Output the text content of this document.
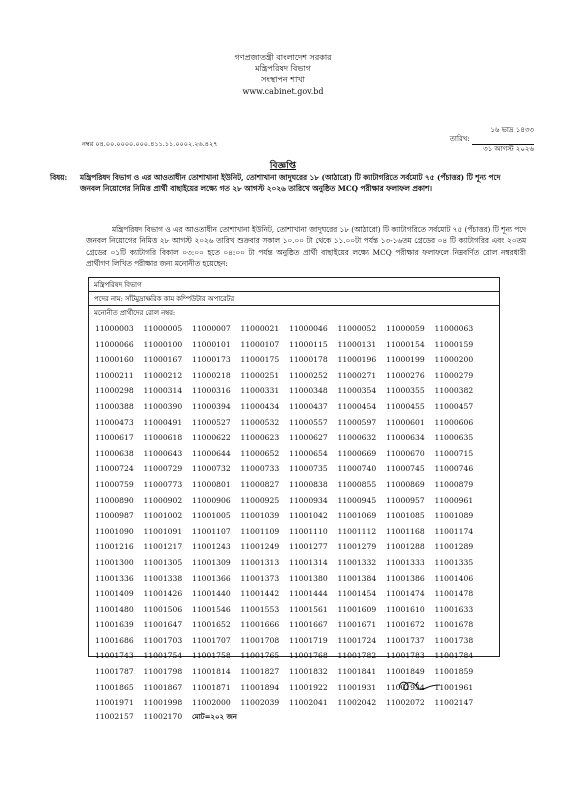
গণপ্রজাতন্ত্রী বাংলাদেশ সরকার
মন্ত্রিপরিষদ বিভাগ
সংস্থাপন শাখা
www.cabinet.gov.bd
১৬ ভাদ্র ১৪৩৩
তারিখ:
৩১ আগস্ট ২০২৬
নম্বর ০৪.০০.০০০০.০০০.৪১১.১১.০০০২.২৬.৪২৭
বিজ্ঞপ্তি
বিষয়: মন্ত্রিপরিষদ বিভাগ ও এর আওতাধীন তোশাখানা ইউনিট, তোশাখানা জাদুঘরের ১৮ (আঠারো) টি ক্যাটাগরিতে সর্বমোট ৭৫ (পঁচাত্তর) টি শূন্য পদে জনবল নিয়োগের নিমিত্ত প্রার্থী বাছাইয়ের লক্ষ্যে গত ২৮ আগস্ট ২০২৬ তারিখে অনুষ্ঠিত MCQ পরীক্ষার ফলাফল প্রকাশ।
মন্ত্রিপরিষদ বিভাগ ও এর আওতাধীন তোশাখানা ইউনিট, তোশাখানা জাদুঘরের ১৮ (আঠারো) টি ক্যাটাগরিতে সর্বমোট ৭৫ (পঁচাত্তর) টি শূন্য পদে জনবল নিয়োগের নিমিত্ত ২৮ আগস্ট ২০২৬ তারিখ শুক্রবার সকাল ১০.০০ টা থেকে ১১.০০টা পর্যন্ত ১৩-১৬তম গ্রেডের ০৪ টি ক্যাটাগরির এবং ২০তম গ্রেডের ০১টি ক্যাটাগরি বিকাল ০৩:০০ হতে ০৪:০০ টা পর্যন্ত অনুষ্ঠিত প্রার্থী বাছাইয়ের লক্ষ্যে MCQ পরীক্ষার ফলাফলে নিম্নবর্ণিত রোল নম্বরধারী প্রার্থীগণ লিখিত পরীক্ষার জন্য মনোনীত হয়েছেন:
মন্ত্রিপরিষদ বিভাগ
পদের নাম: সাঁটমুদ্রাক্ষরিক কাম কম্পিউটার অপারেটর
মনোনীত প্রার্থীদের রোল নম্বর:
11000003	11000005	11000007	11000021	11000046	11000052	11000059	11000063
11000066	11000100	11000101	11000107	11000115	11000131	11000154	11000159
11000160	11000167	11000173	11000175	11000178	11000196	11000199	11000200
11000211	11000212	11000218	11000251	11000252	11000271	11000276	11000279
11000298	11000314	11000316	11000331	11000348	11000354	11000355	11000382
11000388	11000390	11000394	11000434	11000437	11000454	11000455	11000457
11000473	11000491	11000527	11000532	11000557	11000597	11000601	11000606
11000617	11000618	11000622	11000623	11000627	11000632	11000634	11000635
11000638	11000643	11000644	11000652	11000654	11000669	11000670	11000715
11000724	11000729	11000732	11000733	11000735	11000740	11000745	11000746
11000759	11000773	11000801	11000827	11000838	11000855	11000869	11000879
11000890	11000902	11000906	11000925	11000934	11000945	11000957	11000961
11000987	11001002	11001005	11001039	11001042	11001069	11001085	11001089
11001090	11001091	11001107	11001109	11001110	11001112	11001168	11001174
11001216	11001217	11001243	11001249	11001277	11001279	11001288	11001289
11001300	11001305	11001309	11001313	11001314	11001332	11001333	11001335
11001336	11001338	11001366	11001373	11001380	11001384	11001386	11001406
11001409	11001426	11001440	11001442	11001444	11001454	11001474	11001478
11001480	11001506	11001546	11001553	11001561	11001609	11001610	11001633
11001639	11001647	11001652	11001666	11001667	11001671	11001672	11001678
11001686	11001703	11001707	11001708	11001719	11001724	11001737	11001738
11001743	11001754	11001758	11001765	11001768	11001782	11001783	11001784
11001787	11001798	11001814	11001827	11001832	11001841	11001849	11001859
11001865	11001867	11001871	11001894	11001922	11001931	11001934	11001961
11001971	11001998	11002000	11002039	11002041	11002042	11002072	11002147
11002157	11002170	মোট=২০২ জন
